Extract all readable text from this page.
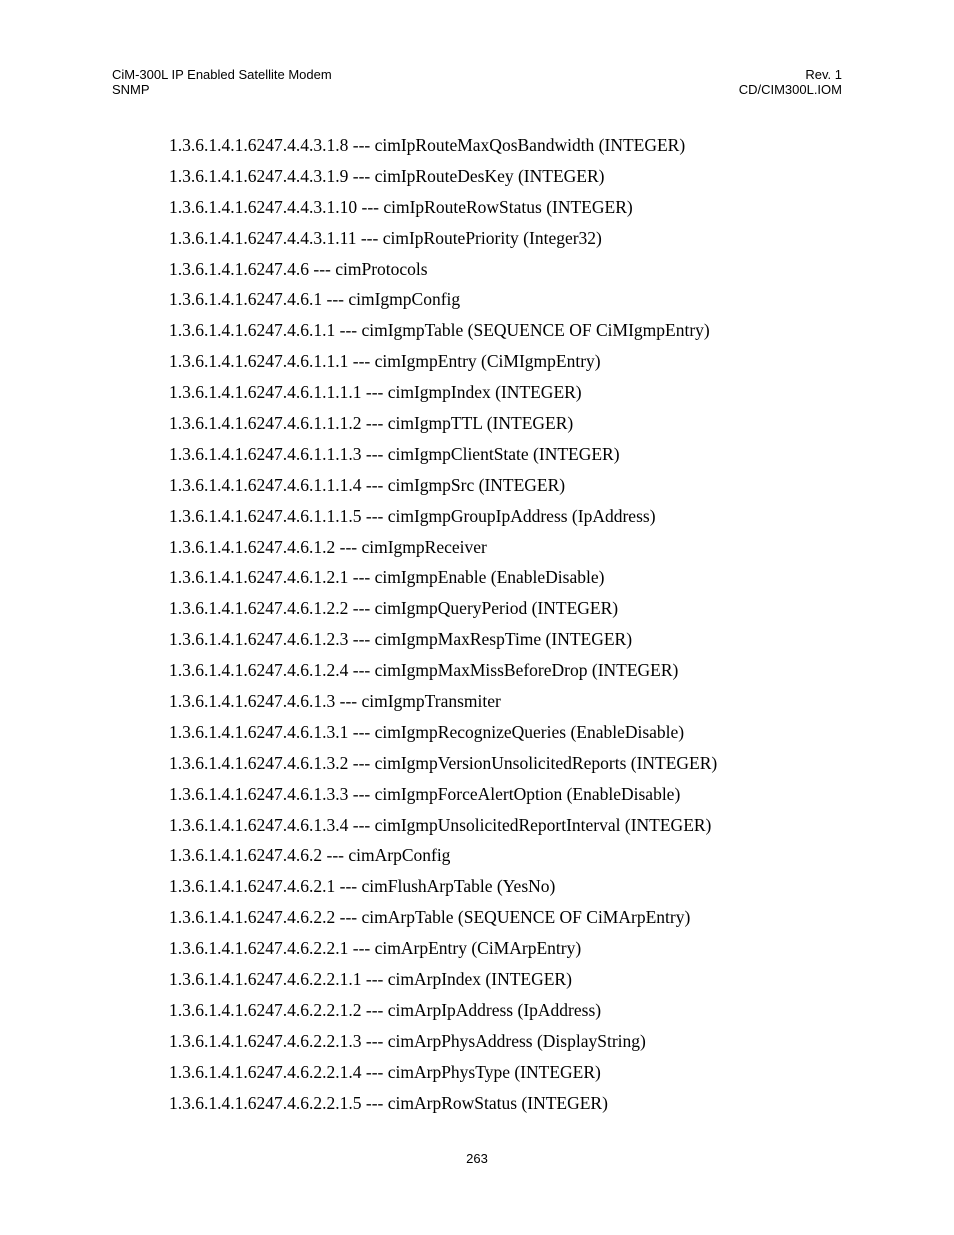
CiM-300L IP Enabled Satellite Modem
SNMP
Rev. 1
CD/CIM300L.IOM
1.3.6.1.4.1.6247.4.4.3.1.8 --- cimIpRouteMaxQosBandwidth (INTEGER)
1.3.6.1.4.1.6247.4.4.3.1.9 --- cimIpRouteDesKey (INTEGER)
1.3.6.1.4.1.6247.4.4.3.1.10 --- cimIpRouteRowStatus (INTEGER)
1.3.6.1.4.1.6247.4.4.3.1.11 --- cimIpRoutePriority (Integer32)
1.3.6.1.4.1.6247.4.6 --- cimProtocols
1.3.6.1.4.1.6247.4.6.1 --- cimIgmpConfig
1.3.6.1.4.1.6247.4.6.1.1 --- cimIgmpTable (SEQUENCE OF CiMIgmpEntry)
1.3.6.1.4.1.6247.4.6.1.1.1 --- cimIgmpEntry (CiMIgmpEntry)
1.3.6.1.4.1.6247.4.6.1.1.1.1 --- cimIgmpIndex (INTEGER)
1.3.6.1.4.1.6247.4.6.1.1.1.2 --- cimIgmpTTL (INTEGER)
1.3.6.1.4.1.6247.4.6.1.1.1.3 --- cimIgmpClientState (INTEGER)
1.3.6.1.4.1.6247.4.6.1.1.1.4 --- cimIgmpSrc (INTEGER)
1.3.6.1.4.1.6247.4.6.1.1.1.5 --- cimIgmpGroupIpAddress (IpAddress)
1.3.6.1.4.1.6247.4.6.1.2 --- cimIgmpReceiver
1.3.6.1.4.1.6247.4.6.1.2.1 --- cimIgmpEnable (EnableDisable)
1.3.6.1.4.1.6247.4.6.1.2.2 --- cimIgmpQueryPeriod (INTEGER)
1.3.6.1.4.1.6247.4.6.1.2.3 --- cimIgmpMaxRespTime (INTEGER)
1.3.6.1.4.1.6247.4.6.1.2.4 --- cimIgmpMaxMissBeforeDrop (INTEGER)
1.3.6.1.4.1.6247.4.6.1.3 --- cimIgmpTransmiter
1.3.6.1.4.1.6247.4.6.1.3.1 --- cimIgmpRecognizeQueries (EnableDisable)
1.3.6.1.4.1.6247.4.6.1.3.2 --- cimIgmpVersionUnsolicitedReports (INTEGER)
1.3.6.1.4.1.6247.4.6.1.3.3 --- cimIgmpForceAlertOption (EnableDisable)
1.3.6.1.4.1.6247.4.6.1.3.4 --- cimIgmpUnsolicitedReportInterval (INTEGER)
1.3.6.1.4.1.6247.4.6.2 --- cimArpConfig
1.3.6.1.4.1.6247.4.6.2.1 --- cimFlushArpTable (YesNo)
1.3.6.1.4.1.6247.4.6.2.2 --- cimArpTable (SEQUENCE OF CiMArpEntry)
1.3.6.1.4.1.6247.4.6.2.2.1 --- cimArpEntry (CiMArpEntry)
1.3.6.1.4.1.6247.4.6.2.2.1.1 --- cimArpIndex (INTEGER)
1.3.6.1.4.1.6247.4.6.2.2.1.2 --- cimArpIpAddress (IpAddress)
1.3.6.1.4.1.6247.4.6.2.2.1.3 --- cimArpPhysAddress (DisplayString)
1.3.6.1.4.1.6247.4.6.2.2.1.4 --- cimArpPhysType (INTEGER)
1.3.6.1.4.1.6247.4.6.2.2.1.5 --- cimArpRowStatus (INTEGER)
263
